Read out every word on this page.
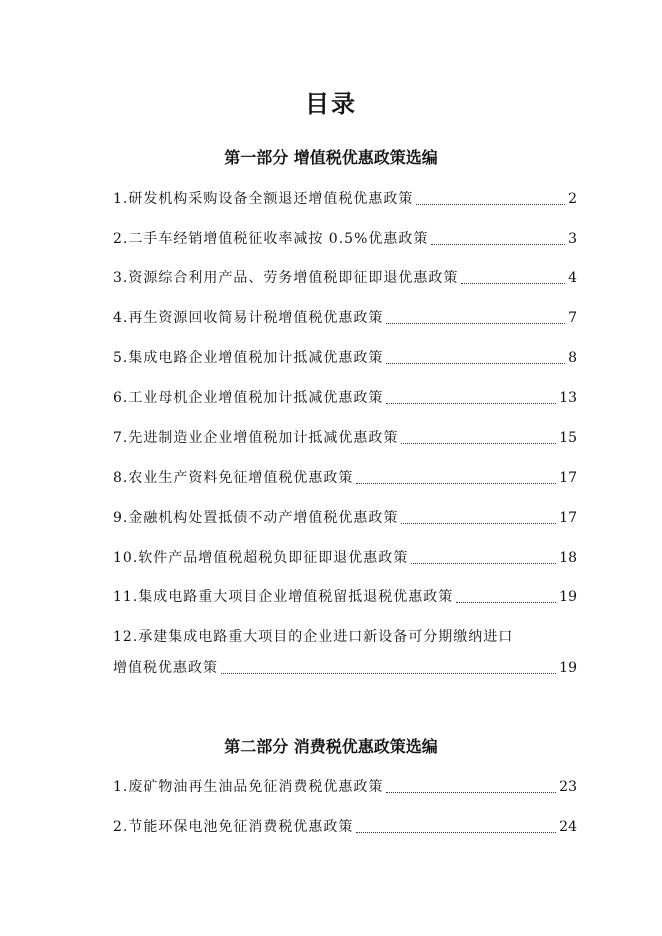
目录
第一部分 增值税优惠政策选编
1.研发机构采购设备全额退还增值税优惠政策	2
2.二手车经销增值税征收率减按 0.5%优惠政策	3
3.资源综合利用产品、劳务增值税即征即退优惠政策	4
4.再生资源回收简易计税增值税优惠政策	7
5.集成电路企业增值税加计抵减优惠政策	8
6.工业母机企业增值税加计抵减优惠政策	13
7.先进制造业企业增值税加计抵减优惠政策	15
8.农业生产资料免征增值税优惠政策	17
9.金融机构处置抵债不动产增值税优惠政策	17
10.软件产品增值税超税负即征即退优惠政策	18
11.集成电路重大项目企业增值税留抵退税优惠政策	19
12.承建集成电路重大项目的企业进口新设备可分期缴纳进口
增值税优惠政策	19
第二部分 消费税优惠政策选编
1.废矿物油再生油品免征消费税优惠政策	23
2.节能环保电池免征消费税优惠政策	24
